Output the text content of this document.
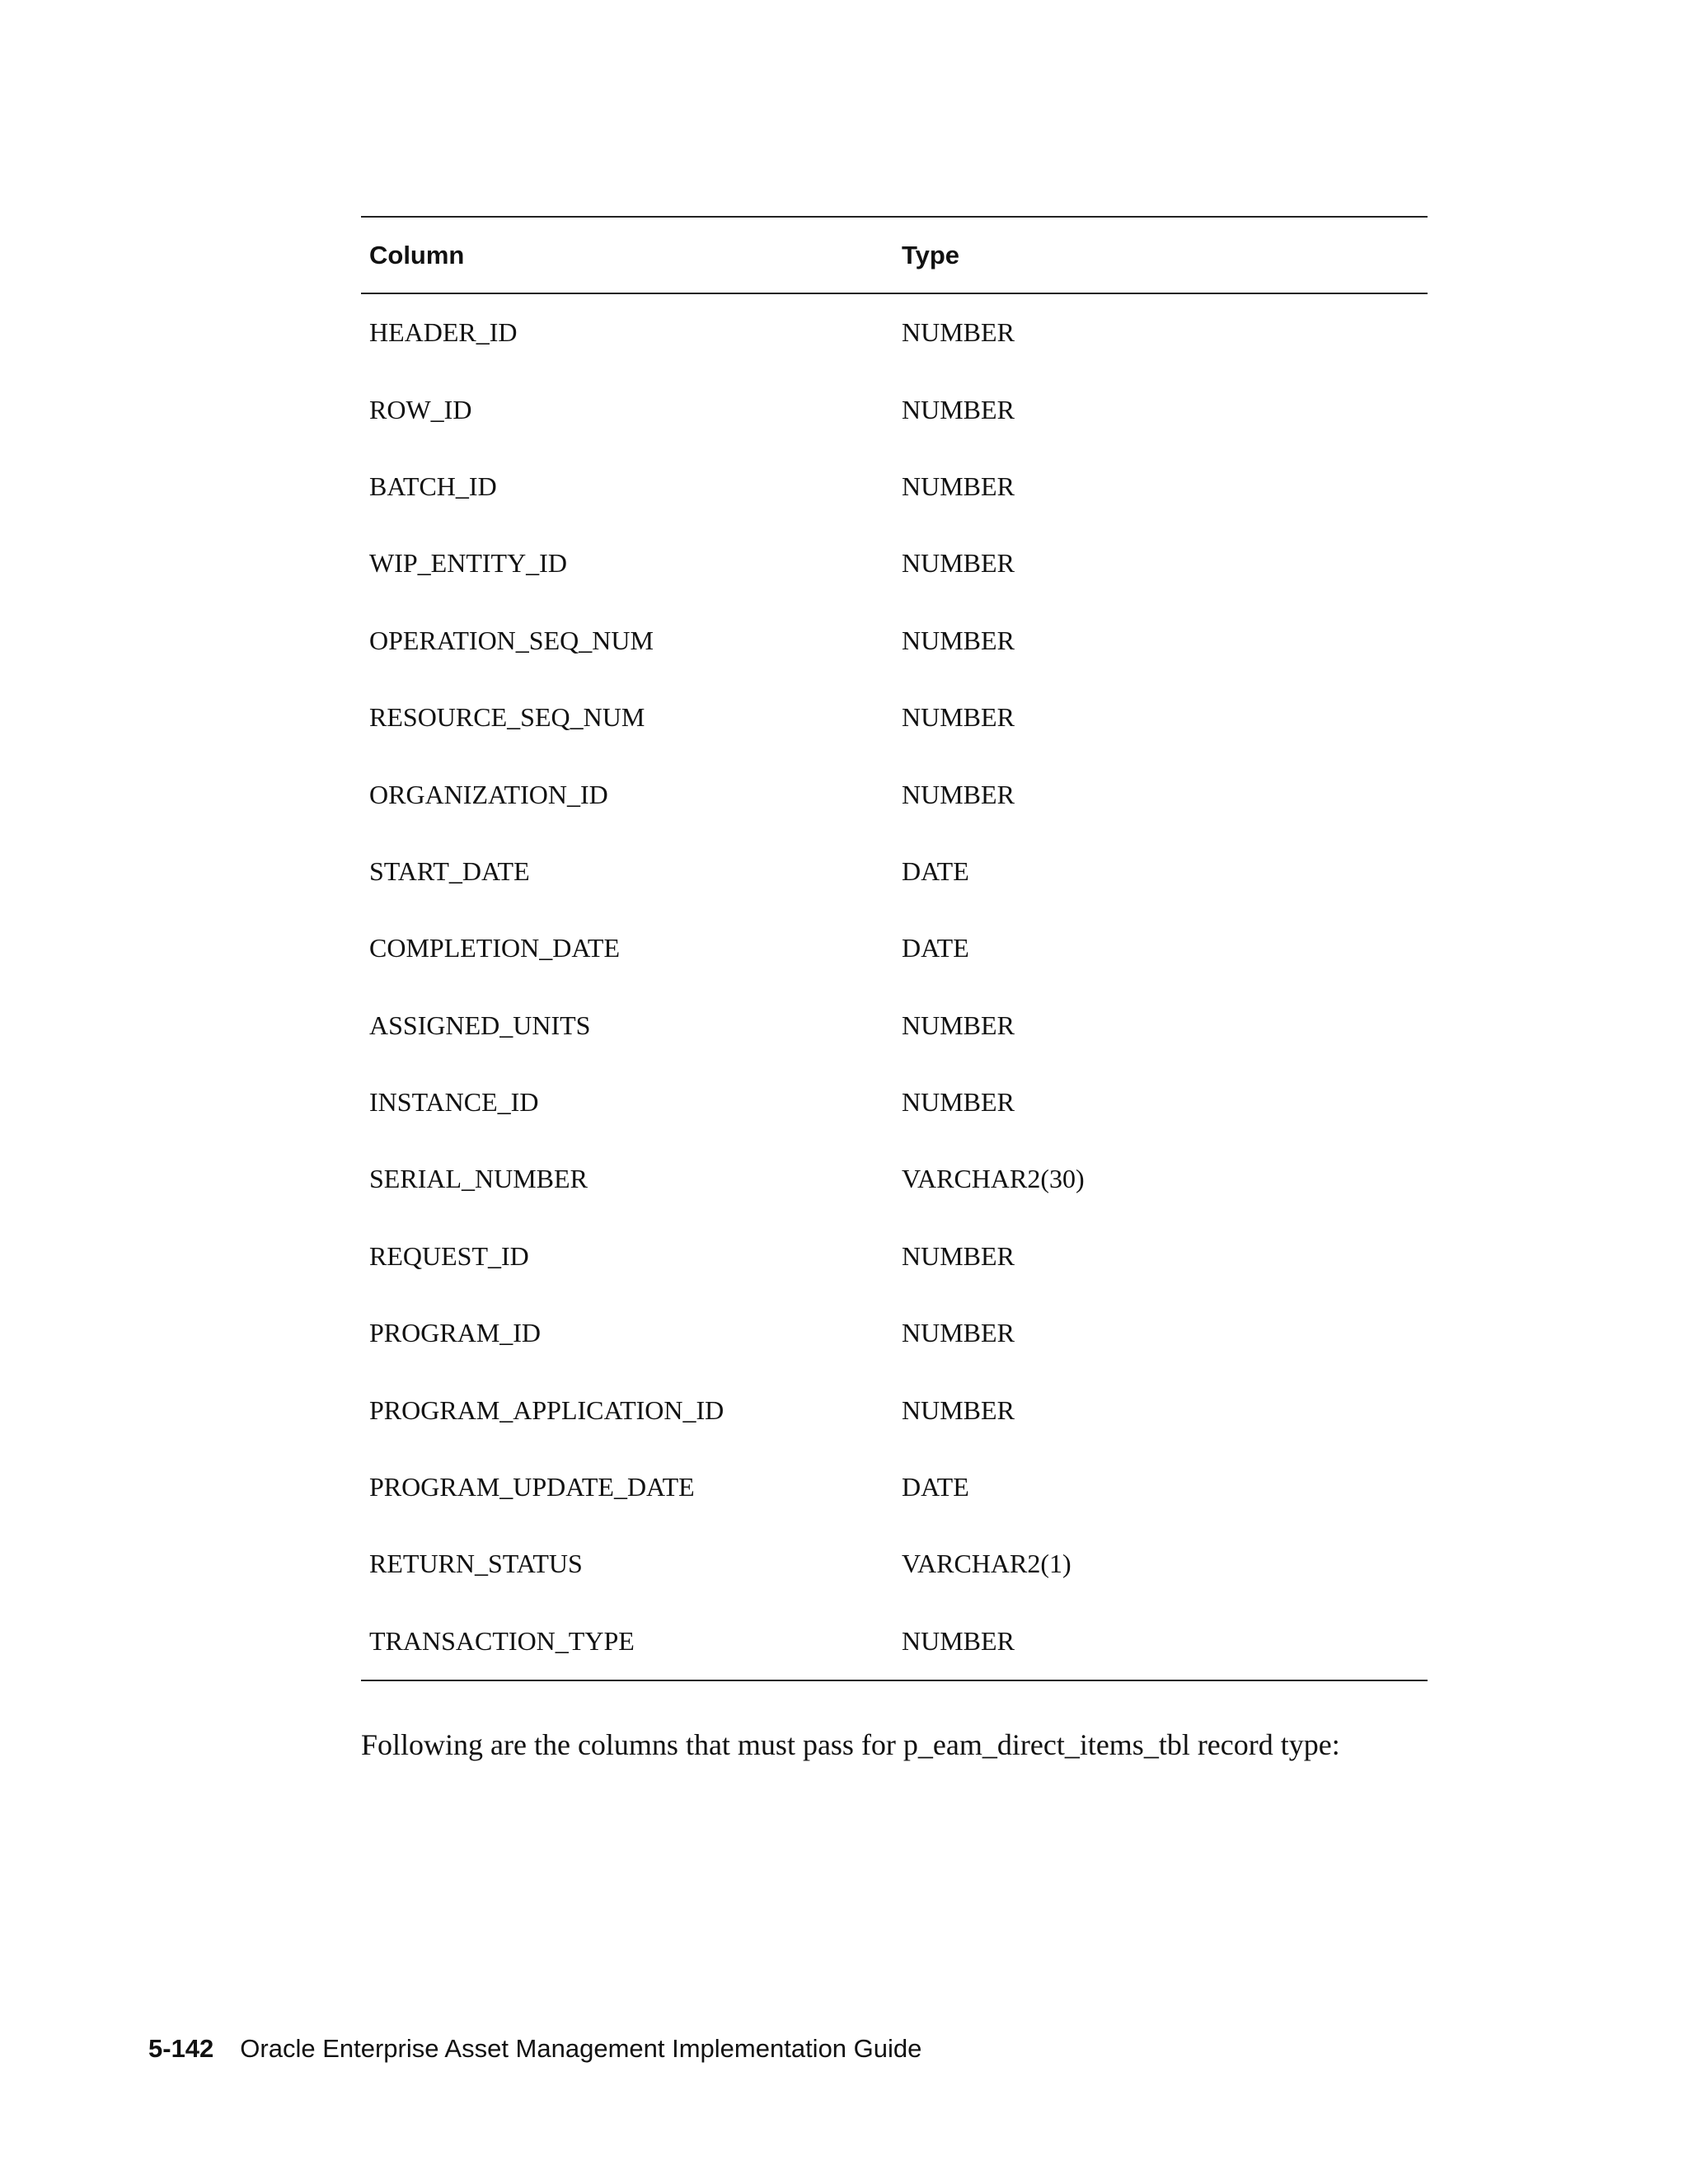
Column	Type
HEADER_ID	NUMBER
ROW_ID	NUMBER
BATCH_ID	NUMBER
WIP_ENTITY_ID	NUMBER
OPERATION_SEQ_NUM	NUMBER
RESOURCE_SEQ_NUM	NUMBER
ORGANIZATION_ID	NUMBER
START_DATE	DATE
COMPLETION_DATE	DATE
ASSIGNED_UNITS	NUMBER
INSTANCE_ID	NUMBER
SERIAL_NUMBER	VARCHAR2(30)
REQUEST_ID	NUMBER
PROGRAM_ID	NUMBER
PROGRAM_APPLICATION_ID	NUMBER
PROGRAM_UPDATE_DATE	DATE
RETURN_STATUS	VARCHAR2(1)
TRANSACTION_TYPE	NUMBER

Following are the columns that must pass for p_eam_direct_items_tbl record type:

5-142 Oracle Enterprise Asset Management Implementation Guide
